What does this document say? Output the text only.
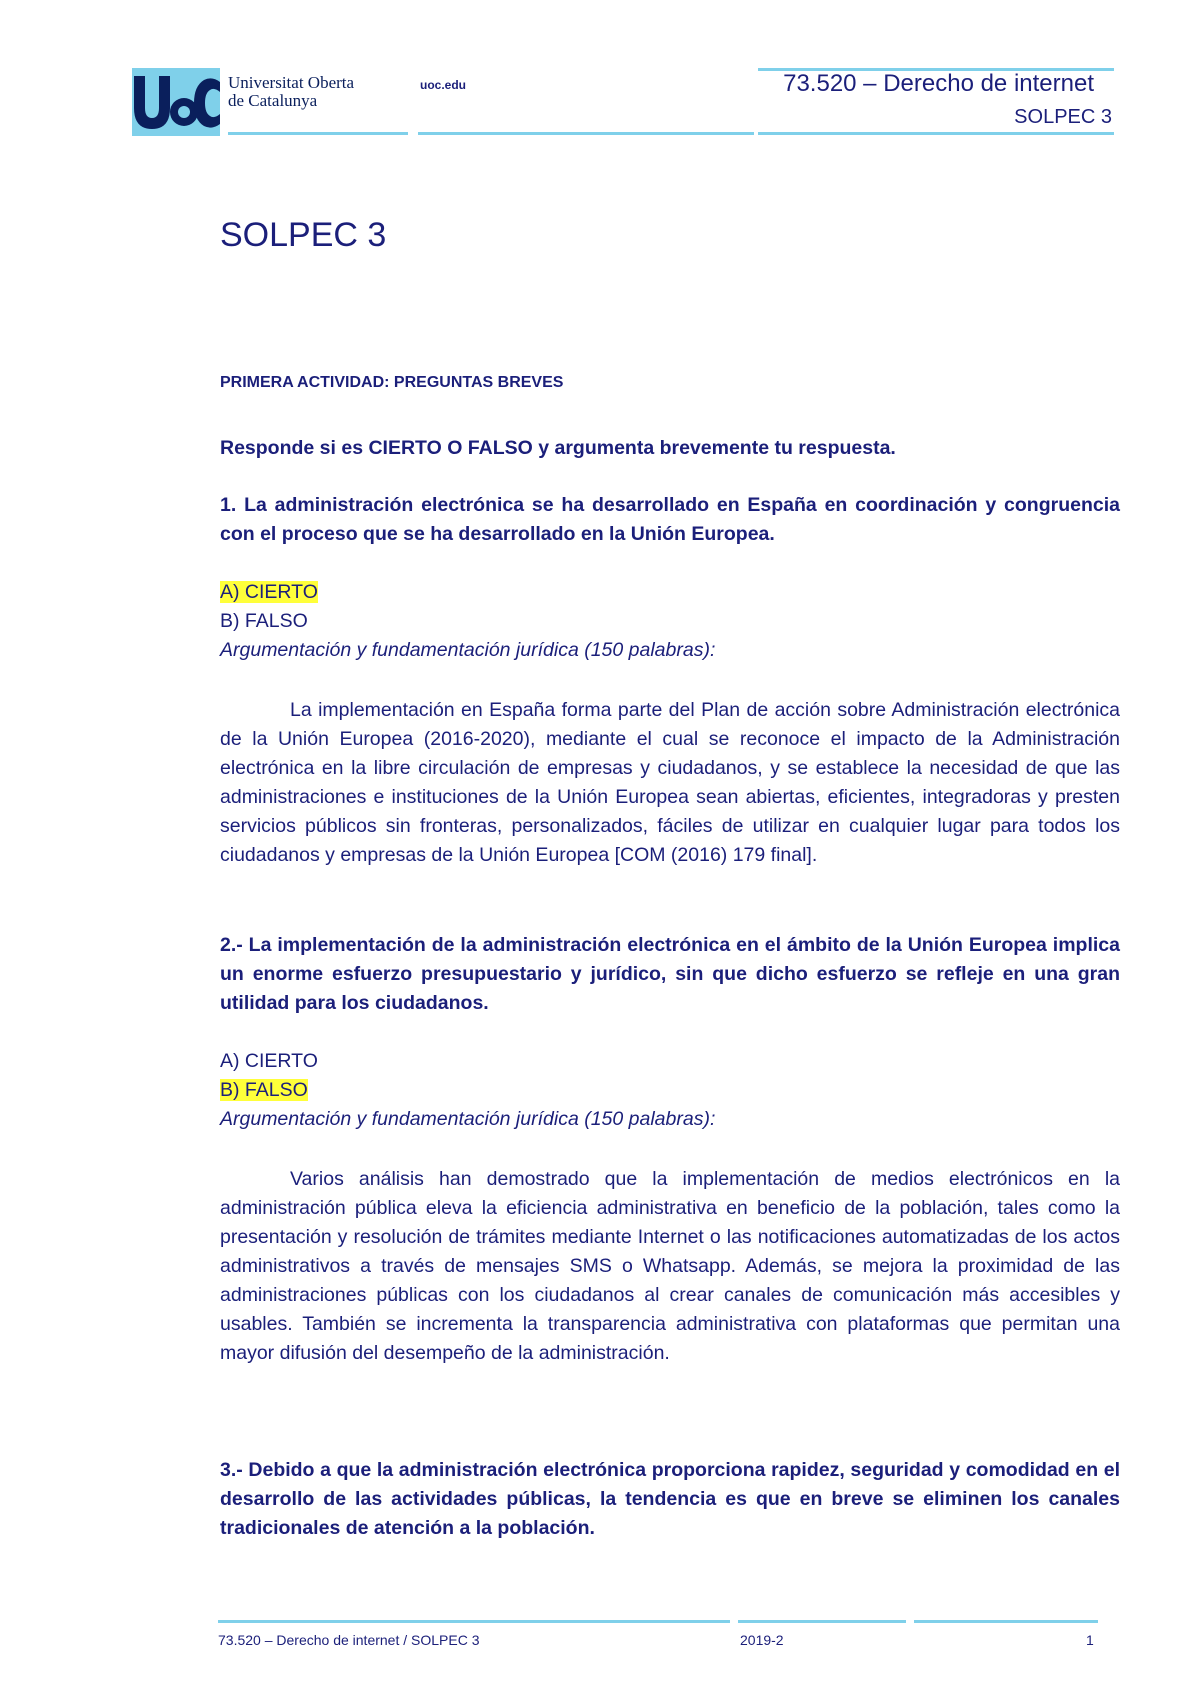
Universitat Oberta
de Catalunya
uoc.edu	73.520 – Derecho de internet
SOLPEC 3
SOLPEC 3
PRIMERA ACTIVIDAD: PREGUNTAS BREVES
Responde si es CIERTO O FALSO y argumenta brevemente tu respuesta.

1. La administración electrónica se ha desarrollado en España en coordinación y congruencia con el proceso que se ha desarrollado en la Unión Europea.

A) CIERTO
B) FALSO
Argumentación y fundamentación jurídica (150 palabras):

La implementación en España forma parte del Plan de acción sobre Administración electrónica de la Unión Europea (2016-2020), mediante el cual se reconoce el impacto de la Administración electrónica en la libre circulación de empresas y ciudadanos, y se establece la necesidad de que las administraciones e instituciones de la Unión Europea sean abiertas, eficientes, integradoras y presten servicios públicos sin fronteras, personalizados, fáciles de utilizar en cualquier lugar para todos los ciudadanos y empresas de la Unión Europea [COM (2016) 179 final].

2.- La implementación de la administración electrónica en el ámbito de la Unión Europea implica un enorme esfuerzo presupuestario y jurídico, sin que dicho esfuerzo se refleje en una gran utilidad para los ciudadanos.

A) CIERTO
B) FALSO
Argumentación y fundamentación jurídica (150 palabras):

Varios análisis han demostrado que la implementación de medios electrónicos en la administración pública eleva la eficiencia administrativa en beneficio de la población, tales como la presentación y resolución de trámites mediante Internet o las notificaciones automatizadas de los actos administrativos a través de mensajes SMS o Whatsapp. Además, se mejora la proximidad de las administraciones públicas con los ciudadanos al crear canales de comunicación más accesibles y usables. También se incrementa la transparencia administrativa con plataformas que permitan una mayor difusión del desempeño de la administración.

3.- Debido a que la administración electrónica proporciona rapidez, seguridad y comodidad en el desarrollo de las actividades públicas, la tendencia es que en breve se eliminen los canales tradicionales de atención a la población.

73.520 – Derecho de internet / SOLPEC 3	2019-2	1
